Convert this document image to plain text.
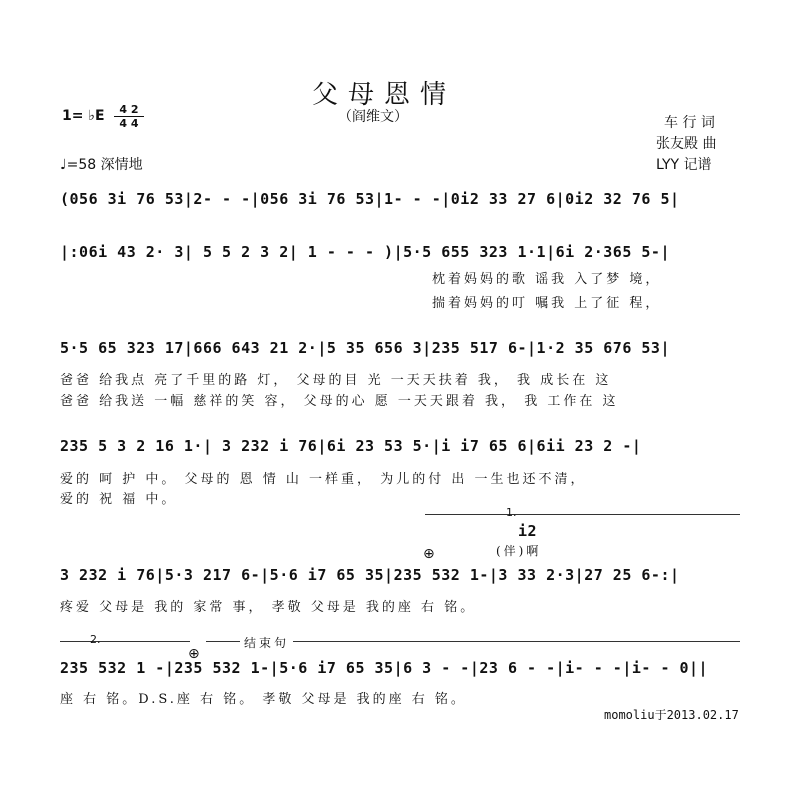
父母恩情
（阎维文）
1= ♭E	4 2
4 4
♩=58 深情地
车 行 词
张友殿 曲
LYY 记谱
(056 3i 76 53|2- - -|056 3i 76 53|1- - -|0i2 33 27 6|0i2 32 76 5|
|:06i 43 2· 3| 5 5 2 3 2| 1 - - - )|5·5 655 323 1·1|6i 2·365 5-|
枕着妈妈的歌 谣我 入了梦 境，
揣着妈妈的叮 嘱我 上了征 程，
5·5 65 323 17|666 643 21 2·|5 35 656 3|235 517 6-|1·2 35 676 53|
爸爸 给我点 亮了千里的路 灯， 父母的目 光 一天天扶着 我， 我 成长在 这
爸爸 给我送 一幅 慈祥的笑 容， 父母的心 愿 一天天跟着 我， 我 工作在 这
235 5 3 2 16 1·| 3 232 i 76|6i 23 53 5·|i i7 65 6|6ii 23 2 -|
爱的 呵 护 中。 父母的 恩 情 山 一样重， 为儿的付 出 一生也还不清，
爱的 祝 福 中。
1.
i2
(伴)啊
⊕
3 232 i 76|5·3 217 6-|5·6 i7 65 35|235 532 1-|3 33 2·3|27 25 6-:|
疼爱 父母是 我的 家常 事， 孝敬 父母是 我的座 右 铭。
2.	结束句
⊕
235 532 1 -|235 532 1-|5·6 i7 65 35|6 3 - -|23 6 - -|i- - -|i- - 0||
座 右 铭。D.S.座 右 铭。 孝敬 父母是 我的座 右 铭。
momoliu于2013.02.17
